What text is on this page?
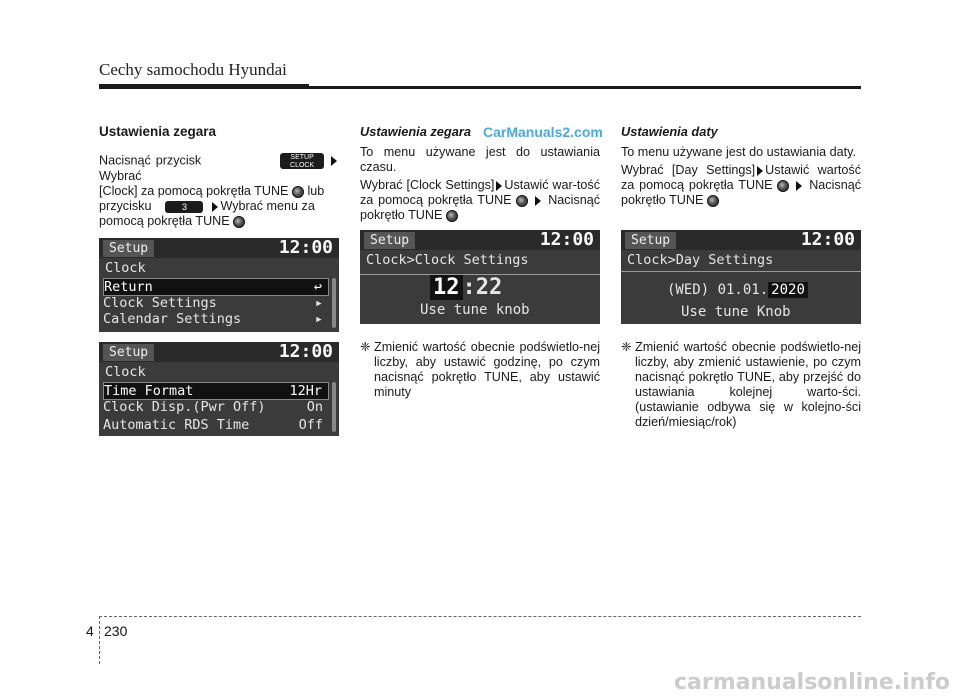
Cechy samochodu Hyundai
Ustawienia zegara

Nacisnąć przycisk	SETUP
CLOCK Wybrać
[Clock] za pomocą pokrętła TUNE lub
przycisku	3	Wybrać menu za
pomocą pokrętła TUNE

Setup	12:00
Clock
Return	↩
Clock Settings	▸
Calendar Settings	▸
Setup	12:00
Clock
Time Format	12Hr
Clock Disp.(Pwr Off)	On
Automatic RDS Time	Off
Ustawienia zegara

To menu używane jest do ustawiania czasu.

Wybrać [Clock Settings] Ustawić war-tość za pomocą pokrętła TUNE	Nacisnąć pokrętło TUNE

CarManuals2.com
Setup	12:00
Clock>Clock Settings
12 :22
Use tune knob
❈ Zmienić wartość obecnie podświetlo-nej liczby, aby ustawić godzinę, po czym nacisnąć pokrętło TUNE, aby ustawić minuty
Ustawienia daty

To menu używane jest do ustawiania daty.

Wybrać [Day Settings] Ustawić wartość za pomocą pokrętła TUNE	Nacisnąć pokrętło TUNE

Setup	12:00
Clock>Day Settings
(WED) 01.01. 2020
Use tune Knob
❈ Zmienić wartość obecnie podświetlo-nej liczby, aby zmienić ustawienie, po czym nacisnąć pokrętło TUNE, aby przejść do ustawiania kolejnej warto-ści. (ustawianie odbywa się w kolejno-ści dzień/miesiąc/rok)
4 230
carmanualsonline.info
